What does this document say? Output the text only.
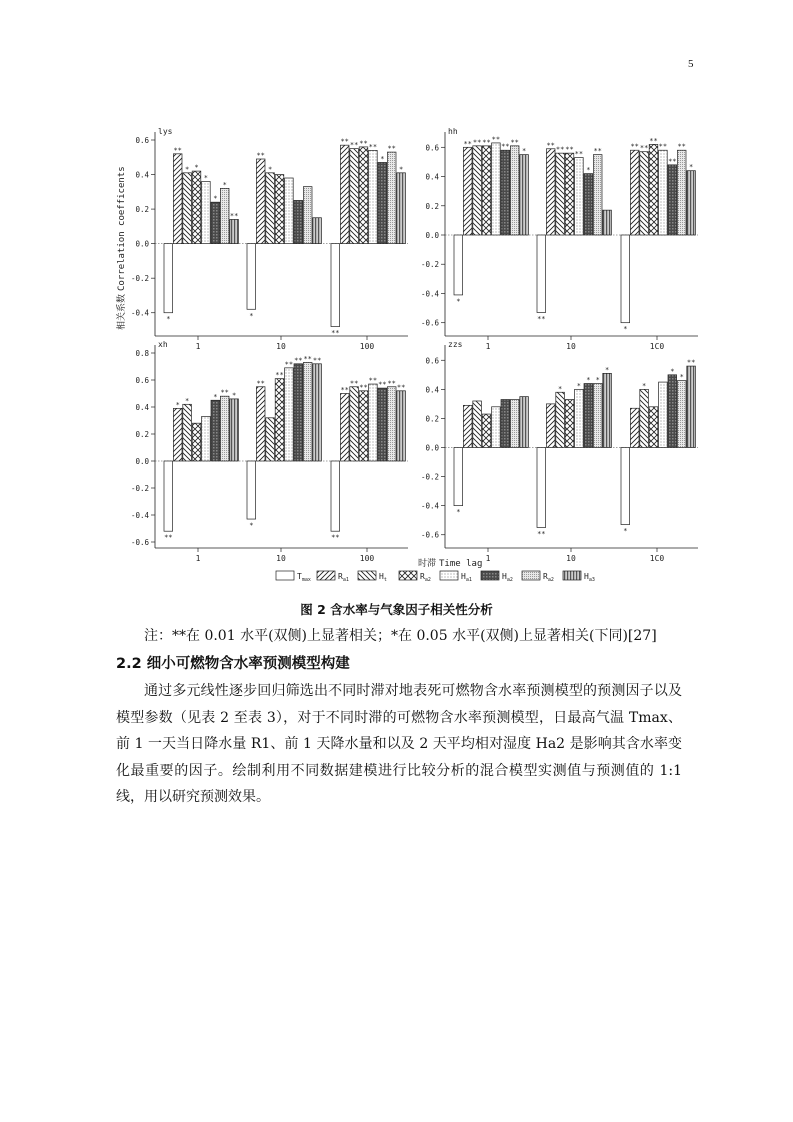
5
lys
0.6
0.4
0.2
0.0
-0.2
-0.4
*
**
* *
*
*
*
**
*
**
*
**
** ** ** **
*
**
*
1	10	100
hh
0.6
0.4
0.2
0.0
-0.2
-0.4
-0.6
*
** ** ** **
**
**
*
**
**
** **
**
*
**
*
** **
**
**
**
**
*
1	10	1C0
xh
0.8
0.6
0.4
0.2
0.0
-0.2
-0.4
-0.6
**
*
*
*
** *
*
**
**
**
** ** **
**
**
**
**
**
** **
**
1	10	100
zzs
0.6
0.4
0.2
0.0
-0.2
-0.4
-0.6
*
**
* *
* *
*
*
*
*
*
**
1	10	1C0
$T_{max}$	$R_{a1}$	$H_t$	$R_{a2}$	$H_{a1}$	$H_{a2}$	$R_{a2}$	$H_{a3}$
相关系数Correlation coefficents
时滞 Time lag
图 2 含水率与气象因子相关性分析
注：**在 0.01 水平(双侧)上显著相关；*在 0.05 水平(双侧)上显著相关(下同)[27]
2.2 细小可燃物含水率预测模型构建
通过多元线性逐步回归筛选出不同时滞对地表死可燃物含水率预测模型的预测因子以及模型参数（见表 2 至表 3），对于不同时滞的可燃物含水率预测模型，日最高气温 Tmax、前 1 一天当日降水量 R1、前 1 天降水量和以及 2 天平均相对湿度 Ha2 是影响其含水率变化最重要的因子。绘制利用不同数据建模进行比较分析的混合模型实测值与预测值的 1:1 线，用以研究预测效果。
